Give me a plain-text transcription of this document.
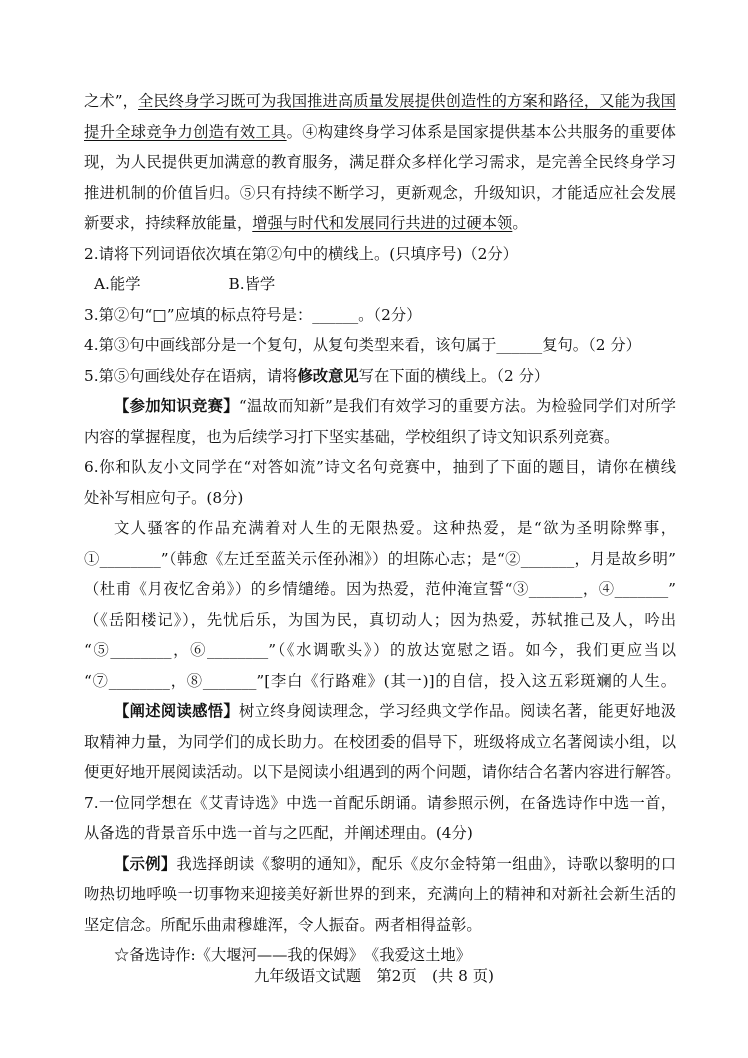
之术”，全民终身学习既可为我国推进高质量发展提供创造性的方案和路径，又能为我国
提升全球竞争力创造有效工具。④构建终身学习体系是国家提供基本公共服务的重要体
现，为人民提供更加满意的教育服务，满足群众多样化学习需求，是完善全民终身学习
推进机制的价值旨归。⑤只有持续不断学习，更新观念，升级知识，才能适应社会发展
新要求，持续释放能量，增强与时代和发展同行共进的过硬本领。
2.请将下列词语依次填在第②句中的横线上。(只填序号)（2分）
A.能学	B.皆学
3.第②句“□”应填的标点符号是：______。（2分）
4.第③句中画线部分是一个复句，从复句类型来看，该句属于______复句。（2 分）
5.第⑤句画线处存在语病，请将修改意见写在下面的横线上。（2 分）
【参加知识竞赛】“温故而知新”是我们有效学习的重要方法。为检验同学们对所学
内容的掌握程度，也为后续学习打下坚实基础，学校组织了诗文知识系列竞赛。
6.你和队友小文同学在“对答如流”诗文名句竞赛中，抽到了下面的题目，请你在横线
处补写相应句子。(8分)
文人骚客的作品充满着对人生的无限热爱。这种热爱，是“欲为圣明除弊事，
①________”（韩愈《左迁至蓝关示侄孙湘》）的坦陈心志；是“②_______，月是故乡明”
（杜甫《月夜忆舍弟》）的乡情缱绻。因为热爱，范仲淹宣誓“③_______，④_______”
（《岳阳楼记》），先忧后乐，为国为民，真切动人；因为热爱，苏轼推己及人，吟出
“⑤________，⑥________”（《水调歌头》）的放达宽慰之语。如今，我们更应当以
“⑦________，⑧_______”[李白《行路难》(其一)]的自信，投入这五彩斑斓的人生。
【阐述阅读感悟】树立终身阅读理念，学习经典文学作品。阅读名著，能更好地汲
取精神力量，为同学们的成长助力。在校团委的倡导下，班级将成立名著阅读小组，以
便更好地开展阅读活动。以下是阅读小组遇到的两个问题，请你结合名著内容进行解答。
7.一位同学想在《艾青诗选》中选一首配乐朗诵。请参照示例，在备选诗作中选一首，
从备选的背景音乐中选一首与之匹配，并阐述理由。(4分)
【示例】我选择朗读《黎明的通知》，配乐《皮尔金特第一组曲》，诗歌以黎明的口
吻热切地呼唤一切事物来迎接美好新世界的到来，充满向上的精神和对新社会新生活的
坚定信念。所配乐曲肃穆雄浑，令人振奋。两者相得益彰。
☆备选诗作:《大堰河——我的保姆》　 《我爱这土地》
九年级语文试题　第2页　(共 8 页)
